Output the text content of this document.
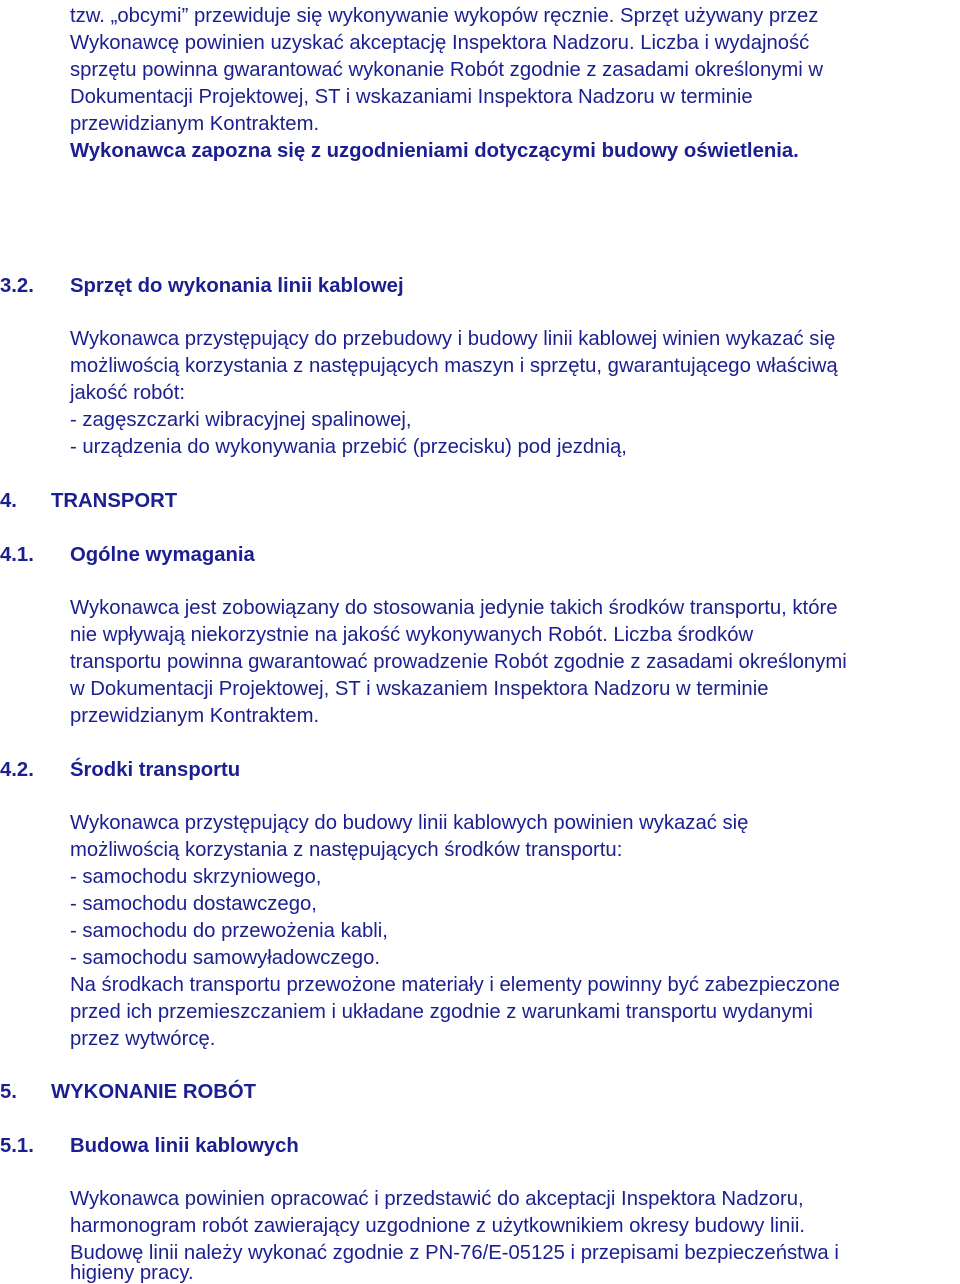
tzw. „obcymi” przewiduje się wykonywanie wykopów ręcznie. Sprzęt używany przez
Wykonawcę powinien uzyskać akceptację Inspektora Nadzoru. Liczba i wydajność
sprzętu powinna gwarantować wykonanie Robót zgodnie z zasadami określonymi w
Dokumentacji Projektowej, ST i wskazaniami Inspektora Nadzoru w terminie
przewidzianym Kontraktem.
Wykonawca zapozna się z uzgodnieniami dotyczącymi budowy oświetlenia.
3.2. Sprzęt do wykonania linii kablowej
Wykonawca przystępujący do przebudowy i budowy linii kablowej winien wykazać się
możliwością korzystania z następujących maszyn i sprzętu, gwarantującego właściwą
jakość robót:
- zagęszczarki wibracyjnej spalinowej,
- urządzenia do wykonywania przebić (przecisku) pod jezdnią,
4. TRANSPORT
4.1. Ogólne wymagania
Wykonawca jest zobowiązany do stosowania jedynie takich środków transportu, które
nie wpływają niekorzystnie na jakość wykonywanych Robót. Liczba środków
transportu powinna gwarantować prowadzenie Robót zgodnie z zasadami określonymi
w Dokumentacji Projektowej, ST i wskazaniem Inspektora Nadzoru w terminie
przewidzianym Kontraktem.
4.2. Środki transportu
Wykonawca przystępujący do budowy linii kablowych powinien wykazać się
możliwością korzystania z następujących środków transportu:
- samochodu skrzyniowego,
- samochodu dostawczego,
- samochodu do przewożenia kabli,
- samochodu samowyładowczego.
Na środkach transportu przewożone materiały i elementy powinny być zabezpieczone
przed ich przemieszczaniem i układane zgodnie z warunkami transportu wydanymi
przez wytwórcę.
5. WYKONANIE ROBÓT
5.1. Budowa linii kablowych
Wykonawca powinien opracować i przedstawić do akceptacji Inspektora Nadzoru,
harmonogram robót zawierający uzgodnione z użytkownikiem okresy budowy linii.
Budowę linii należy wykonać zgodnie z PN-76/E-05125 i przepisami bezpieczeństwa i
higieny pracy.
